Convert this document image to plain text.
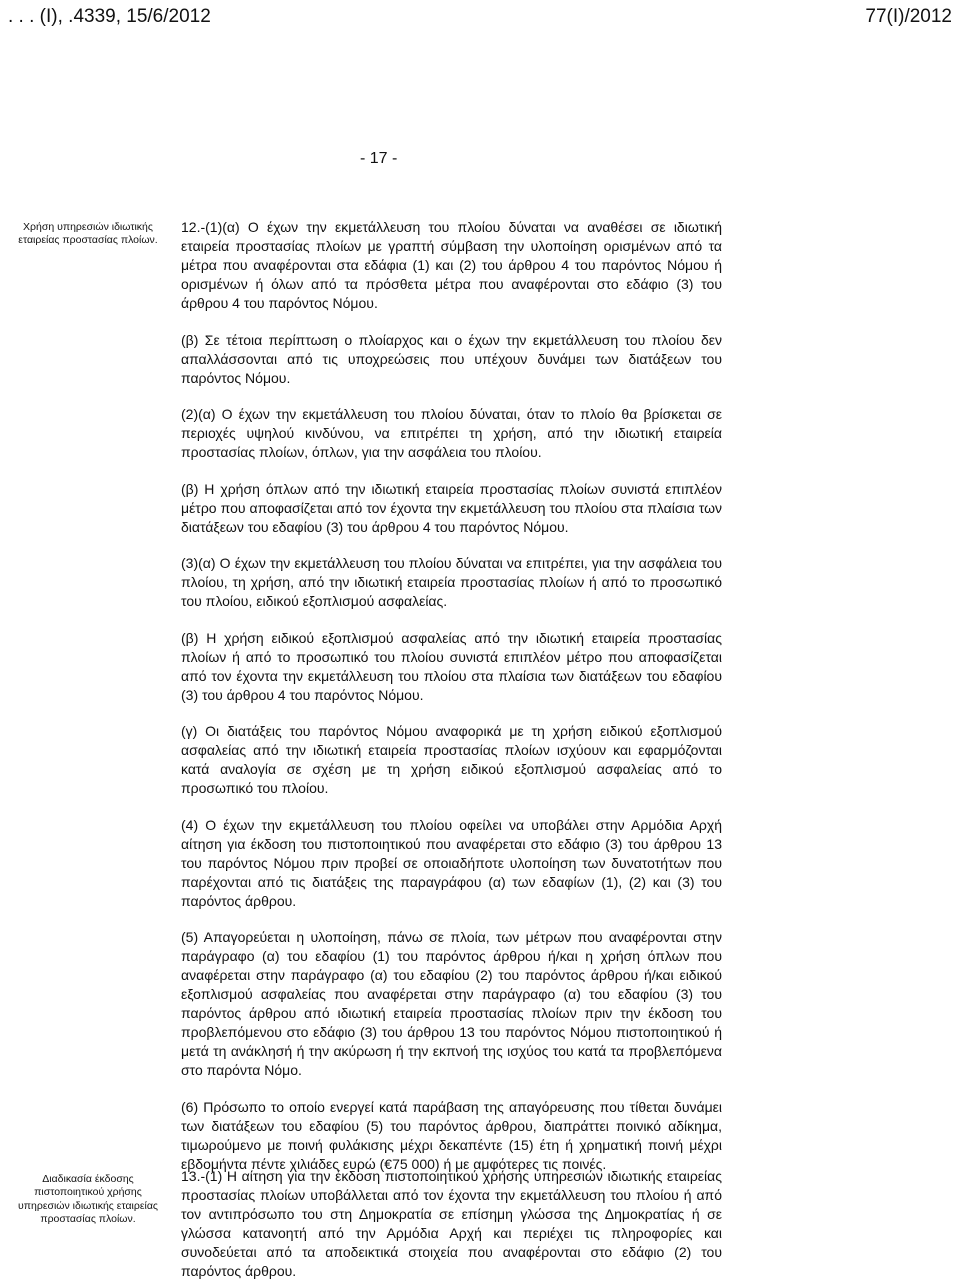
. . . (Ι), .4339, 15/6/2012	77(Ι)/2012
- 17 -
Χρήση υπηρεσιών ιδιωτικής εταιρείας προστασίας πλοίων.

12.-(1)(α) Ο έχων την εκμετάλλευση του πλοίου δύναται να αναθέσει σε ιδιωτική εταιρεία προστασίας πλοίων με γραπτή σύμβαση την υλοποίηση ορισμένων από τα μέτρα που αναφέρονται στα εδάφια (1) και (2) του άρθρου 4 του παρόντος Νόμου ή ορισμένων ή όλων από τα πρόσθετα μέτρα που αναφέρονται στο εδάφιο (3) του άρθρου 4 του παρόντος Νόμου.

(β) Σε τέτοια περίπτωση ο πλοίαρχος και ο έχων την εκμετάλλευση του πλοίου δεν απαλλάσσονται από τις υποχρεώσεις που υπέχουν δυνάμει των διατάξεων του παρόντος Νόμου.

(2)(α) Ο έχων την εκμετάλλευση του πλοίου δύναται, όταν το πλοίο θα βρίσκεται σε περιοχές υψηλού κινδύνου, να επιτρέπει τη χρήση, από την ιδιωτική εταιρεία προστασίας πλοίων, όπλων, για την ασφάλεια του πλοίου.

(β) Η χρήση όπλων από την ιδιωτική εταιρεία προστασίας πλοίων συνιστά επιπλέον μέτρο που αποφασίζεται από τον έχοντα την εκμετάλλευση του πλοίου στα πλαίσια των διατάξεων του εδαφίου (3) του άρθρου 4 του παρόντος Νόμου.

(3)(α) Ο έχων την εκμετάλλευση του πλοίου δύναται να επιτρέπει, για την ασφάλεια του πλοίου, τη χρήση, από την ιδιωτική εταιρεία προστασίας πλοίων ή από το προσωπικό του πλοίου, ειδικού εξοπλισμού ασφαλείας.

(β) Η χρήση ειδικού εξοπλισμού ασφαλείας από την ιδιωτική εταιρεία προστασίας πλοίων ή από το προσωπικό του πλοίου συνιστά επιπλέον μέτρο που αποφασίζεται από τον έχοντα την εκμετάλλευση του πλοίου στα πλαίσια των διατάξεων του εδαφίου (3) του άρθρου 4 του παρόντος Νόμου.

(γ) Οι διατάξεις του παρόντος Νόμου αναφορικά με τη χρήση ειδικού εξοπλισμού ασφαλείας από την ιδιωτική εταιρεία προστασίας πλοίων ισχύουν και εφαρμόζονται κατά αναλογία σε σχέση με τη χρήση ειδικού εξοπλισμού ασφαλείας από το προσωπικό του πλοίου.

(4) Ο έχων την εκμετάλλευση του πλοίου οφείλει να υποβάλει στην Αρμόδια Αρχή αίτηση για έκδοση του πιστοποιητικού που αναφέρεται στο εδάφιο (3) του άρθρου 13 του παρόντος Νόμου πριν προβεί σε οποιαδήποτε υλοποίηση των δυνατοτήτων που παρέχονται από τις διατάξεις της παραγράφου (α) των εδαφίων (1), (2) και (3) του παρόντος άρθρου.

(5) Απαγορεύεται η υλοποίηση, πάνω σε πλοία, των μέτρων που αναφέρονται στην παράγραφο (α) του εδαφίου (1) του παρόντος άρθρου ή/και η χρήση όπλων που αναφέρεται στην παράγραφο (α) του εδαφίου (2) του παρόντος άρθρου ή/και ειδικού εξοπλισμού ασφαλείας που αναφέρεται στην παράγραφο (α) του εδαφίου (3) του παρόντος άρθρου από ιδιωτική εταιρεία προστασίας πλοίων πριν την έκδοση του προβλεπόμενου στο εδάφιο (3) του άρθρου 13 του παρόντος Νόμου πιστοποιητικού ή μετά τη ανάκλησή ή την ακύρωση ή την εκπνοή της ισχύος του κατά τα προβλεπόμενα στο παρόντα Νόμο.

(6) Πρόσωπο το οποίο ενεργεί κατά παράβαση της απαγόρευσης που τίθεται δυνάμει των διατάξεων του εδαφίου (5) του παρόντος άρθρου, διαπράττει ποινικό αδίκημα, τιμωρούμενο με ποινή φυλάκισης μέχρι δεκαπέντε (15) έτη ή χρηματική ποινή μέχρι εβδομήντα πέντε χιλιάδες ευρώ (€75 000) ή με αμφότερες τις ποινές.

Διαδικασία έκδοσης πιστοποιητικού χρήσης υπηρεσιών ιδιωτικής εταιρείας προστασίας πλοίων.

13.-(1) Η αίτηση για την έκδοση πιστοποιητικού χρήσης υπηρεσιών ιδιωτικής εταιρείας προστασίας πλοίων υποβάλλεται από τον έχοντα την εκμετάλλευση του πλοίου ή από τον αντιπρόσωπο του στη Δημοκρατία σε επίσημη γλώσσα της Δημοκρατίας ή σε γλώσσα κατανοητή από την Αρμόδια Αρχή και περιέχει τις πληροφορίες και συνοδεύεται από τα αποδεικτικά στοιχεία που αναφέρονται στο εδάφιο (2) του παρόντος άρθρου.
